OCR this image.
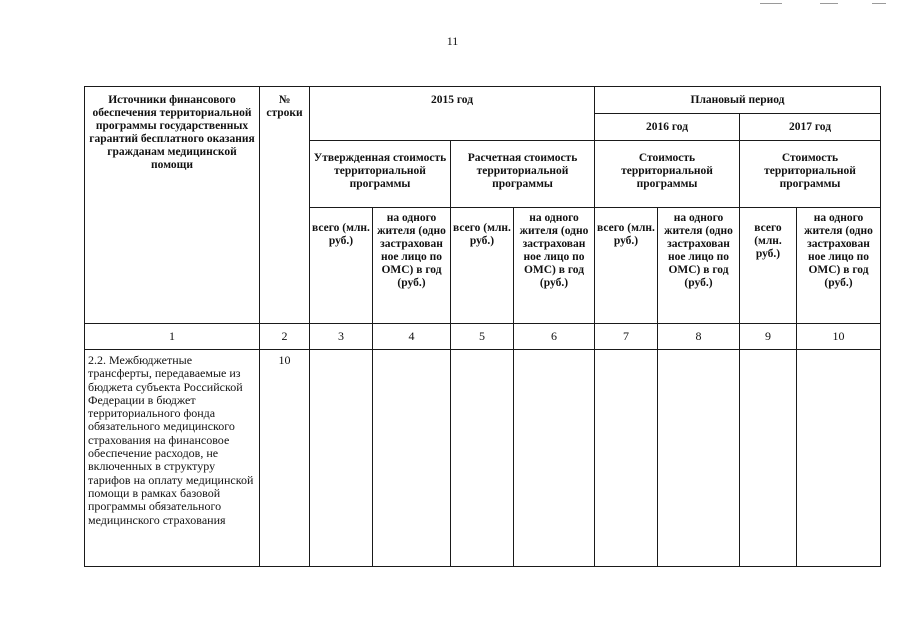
11
Источники финансового обеспечения территориальной программы государственных гарантий бесплатного оказания гражданам медицинской помощи	№ строки	2015 год				Плановый период			
						2016 год		2017 год	
		Утвержденная стоимость территориальной программы		Расчетная стоимость территориальной программы		Стоимость территориальной программы		Стоимость территориальной программы	
		всего (млн. руб.)	на одного жителя (одно застрахован ное лицо по ОМС) в год (руб.)	всего (млн. руб.)	на одного жителя (одно застрахован ное лицо по ОМС) в год (руб.)	всего (млн. руб.)	на одного жителя (одно застрахован ное лицо по ОМС) в год (руб.)	всего (млн. руб.)	на одного жителя (одно застрахован ное лицо по ОМС) в год (руб.)
1	2	3	4	5	6	7	8	9	10
2.2. Межбюджетные трансферты, передаваемые из бюджета субъекта Российской Федерации в бюджет территориального фонда обязательного медицинского страхования на финансовое обеспечение расходов, не включенных в структуру тарифов на оплату медицинской помощи в рамках базовой программы обязательного медицинского страхования	10								
